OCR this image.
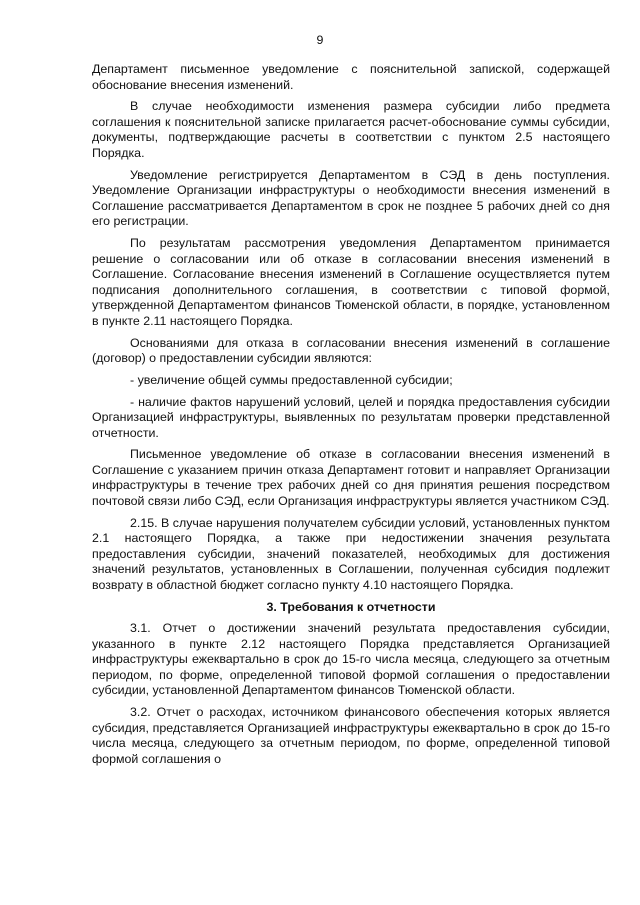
9

Департамент письменное уведомление с пояснительной запиской, содержащей обоснование внесения изменений.

В случае необходимости изменения размера субсидии либо предмета соглашения к пояснительной записке прилагается расчет-обоснование суммы субсидии, документы, подтверждающие расчеты в соответствии с пунктом 2.5 настоящего Порядка.

Уведомление регистрируется Департаментом в СЭД в день поступления. Уведомление Организации инфраструктуры о необходимости внесения изменений в Соглашение рассматривается Департаментом в срок не позднее 5 рабочих дней со дня его регистрации.

По результатам рассмотрения уведомления Департаментом принимается решение о согласовании или об отказе в согласовании внесения изменений в Соглашение. Согласование внесения изменений в Соглашение осуществляется путем подписания дополнительного соглашения, в соответствии с типовой формой, утвержденной Департаментом финансов Тюменской области, в порядке, установленном в пункте 2.11 настоящего Порядка.

Основаниями для отказа в согласовании внесения изменений в соглашение (договор) о предоставлении субсидии являются:

- увеличение общей суммы предоставленной субсидии;

- наличие фактов нарушений условий, целей и порядка предоставления субсидии Организацией инфраструктуры, выявленных по результатам проверки представленной отчетности.

Письменное уведомление об отказе в согласовании внесения изменений в Соглашение с указанием причин отказа Департамент готовит и направляет Организации инфраструктуры в течение трех рабочих дней со дня принятия решения посредством почтовой связи либо СЭД, если Организация инфраструктуры является участником СЭД.

2.15. В случае нарушения получателем субсидии условий, установленных пунктом 2.1 настоящего Порядка, а также при недостижении значения результата предоставления субсидии, значений показателей, необходимых для достижения значений результатов, установленных в Соглашении, полученная субсидия подлежит возврату в областной бюджет согласно пункту 4.10 настоящего Порядка.

3. Требования к отчетности

3.1. Отчет о достижении значений результата предоставления субсидии, указанного в пункте 2.12 настоящего Порядка представляется Организацией инфраструктуры ежеквартально в срок до 15-го числа месяца, следующего за отчетным периодом, по форме, определенной типовой формой соглашения о предоставлении субсидии, установленной Департаментом финансов Тюменской области.

3.2. Отчет о расходах, источником финансового обеспечения которых является субсидия, представляется Организацией инфраструктуры ежеквартально в срок до 15-го числа месяца, следующего за отчетным периодом, по форме, определенной типовой формой соглашения о
